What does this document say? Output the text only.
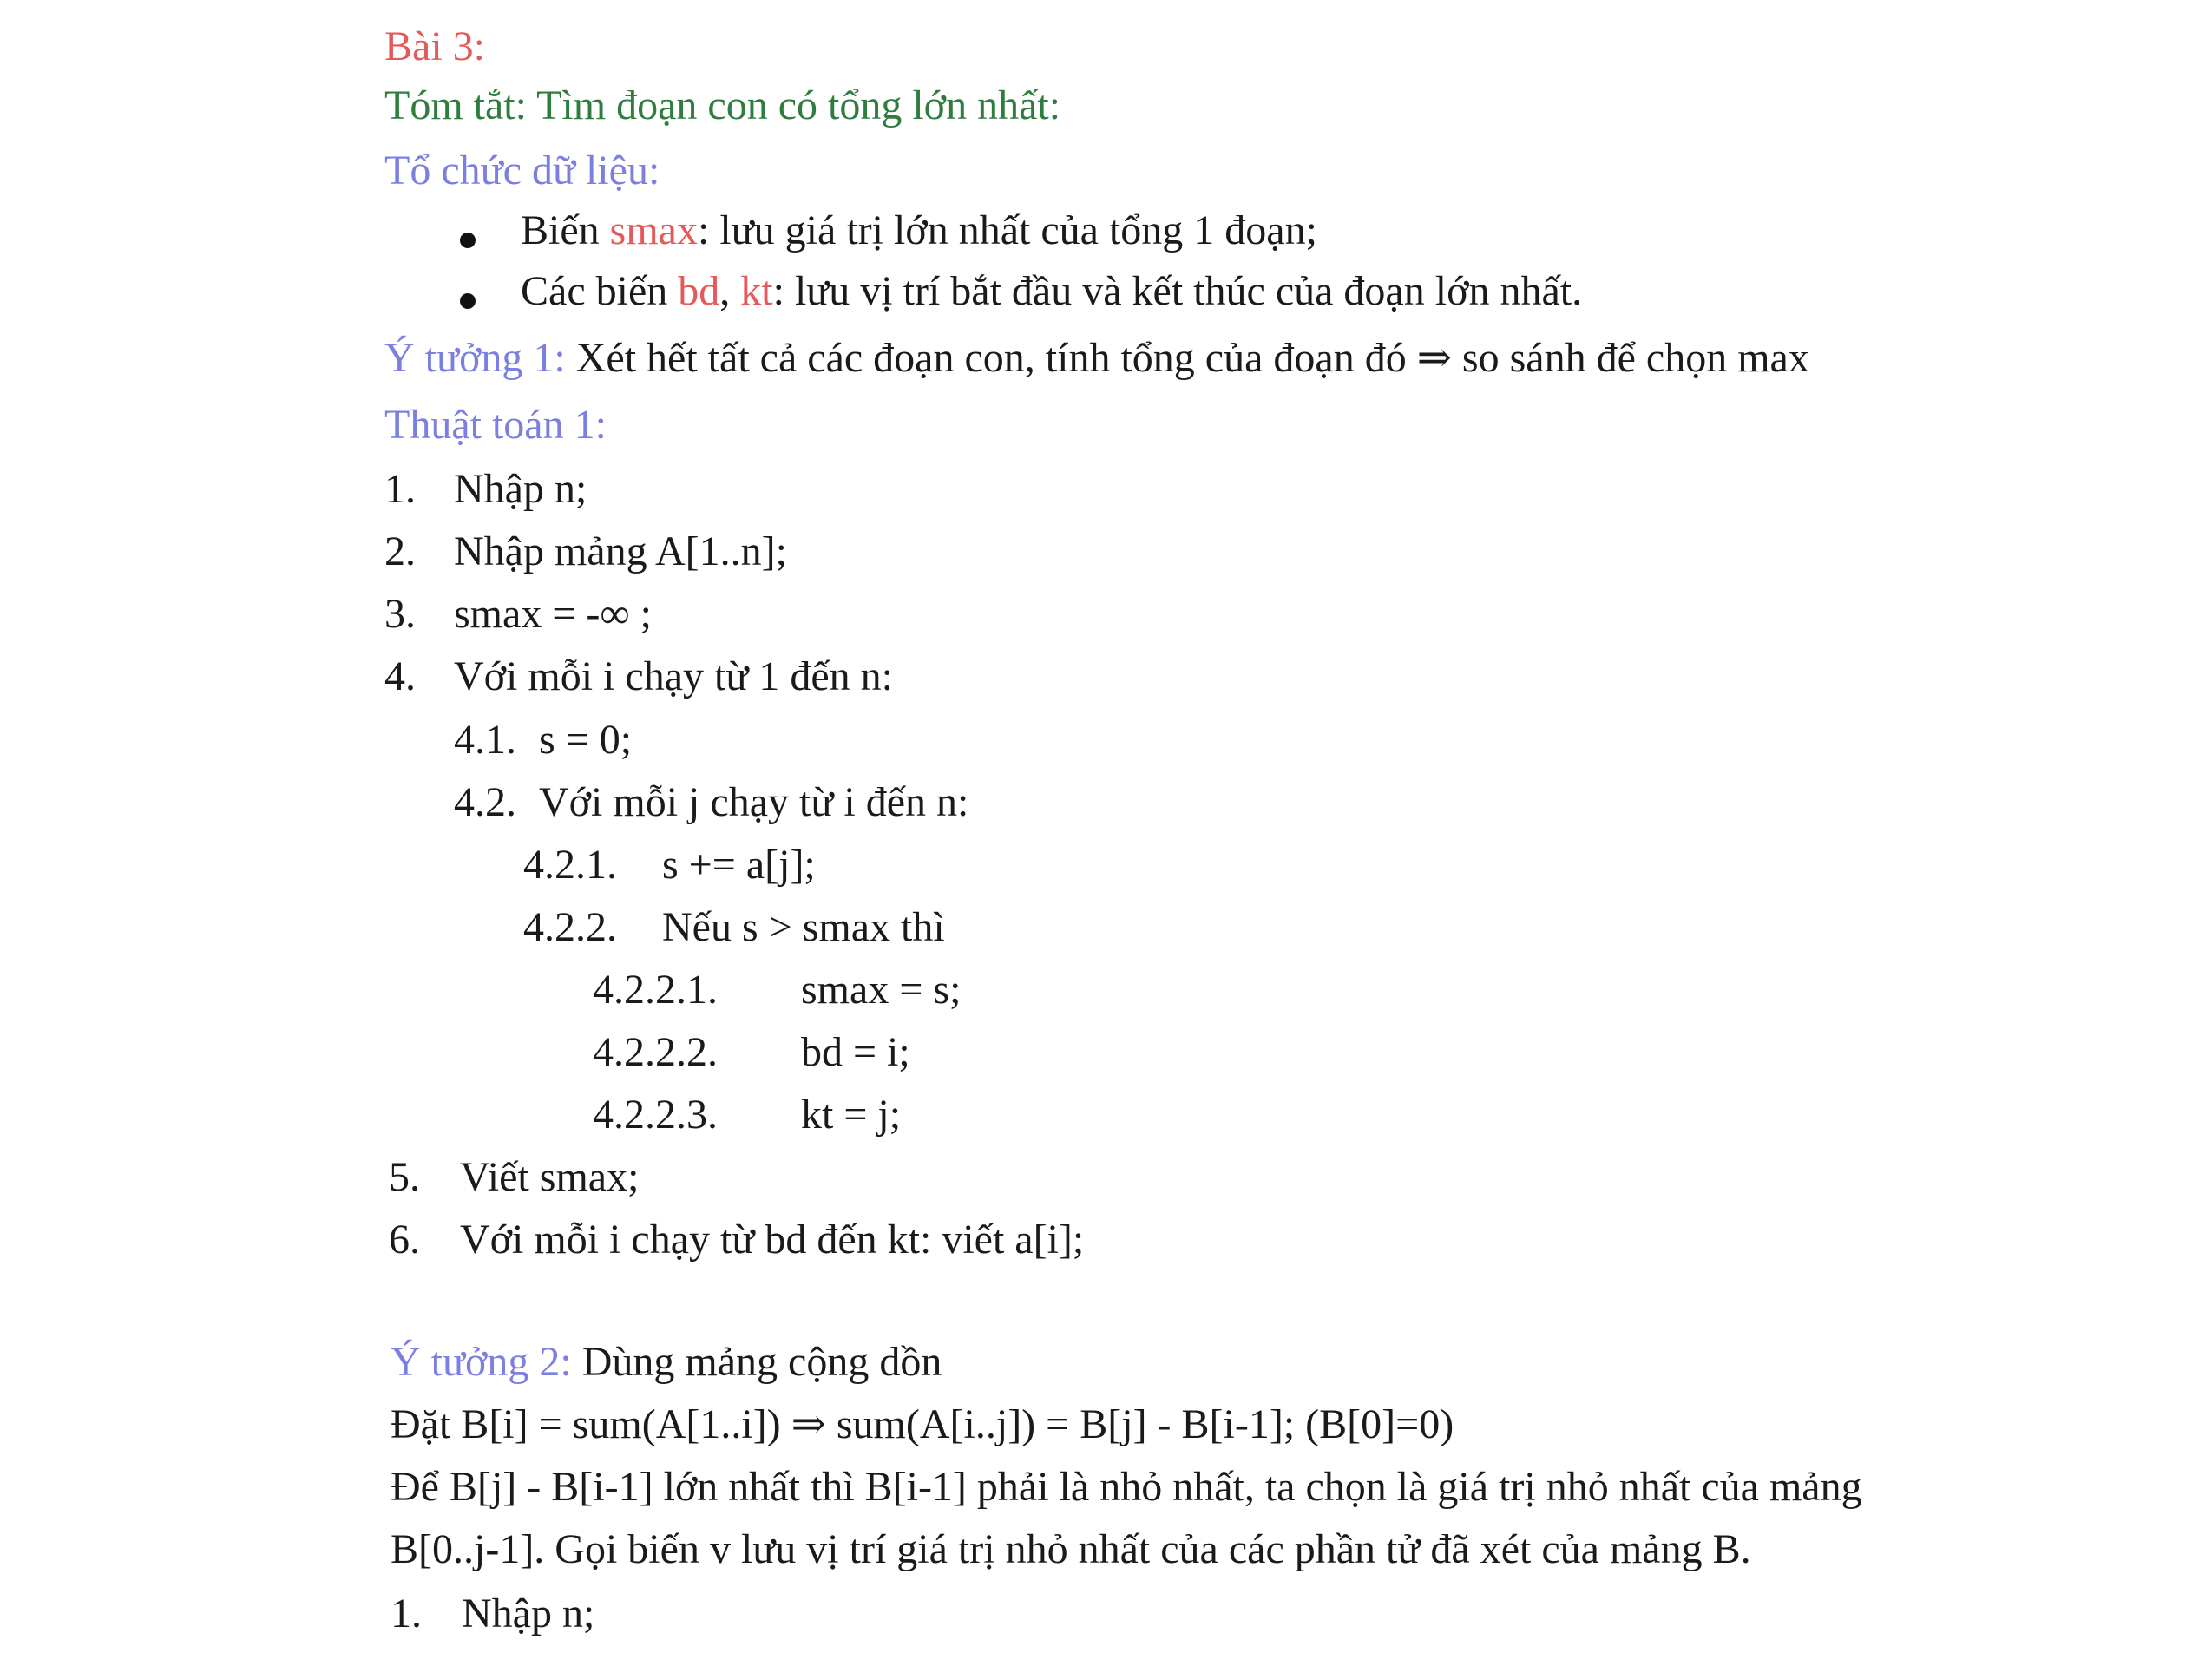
Bài 3:
Tóm tắt: Tìm đoạn con có tổng lớn nhất:
Tổ chức dữ liệu:
Biến smax: lưu giá trị lớn nhất của tổng 1 đoạn;
Các biến bd, kt: lưu vị trí bắt đầu và kết thúc của đoạn lớn nhất.
Ý tưởng 1: Xét hết tất cả các đoạn con, tính tổng của đoạn đó ⇒ so sánh để chọn max
Thuật toán 1:
1. Nhập n;
2. Nhập mảng A[1..n];
3. smax = -∞ ;
4. Với mỗi i chạy từ 1 đến n:
4.1. s = 0;
4.2. Với mỗi j chạy từ i đến n:
4.2.1. s += a[j];
4.2.2. Nếu s > smax thì
4.2.2.1. smax = s;
4.2.2.2. bd = i;
4.2.2.3. kt = j;
5. Viết smax;
6. Với mỗi i chạy từ bd đến kt: viết a[i];
Ý tưởng 2: Dùng mảng cộng dồn
Đặt B[i] = sum(A[1..i]) ⇒ sum(A[i..j]) = B[j] - B[i-1]; (B[0]=0)
Để B[j] - B[i-1] lớn nhất thì B[i-1] phải là nhỏ nhất, ta chọn là giá trị nhỏ nhất của mảng
B[0..j-1]. Gọi biến v lưu vị trí giá trị nhỏ nhất của các phần tử đã xét của mảng B.
1. Nhập n;
